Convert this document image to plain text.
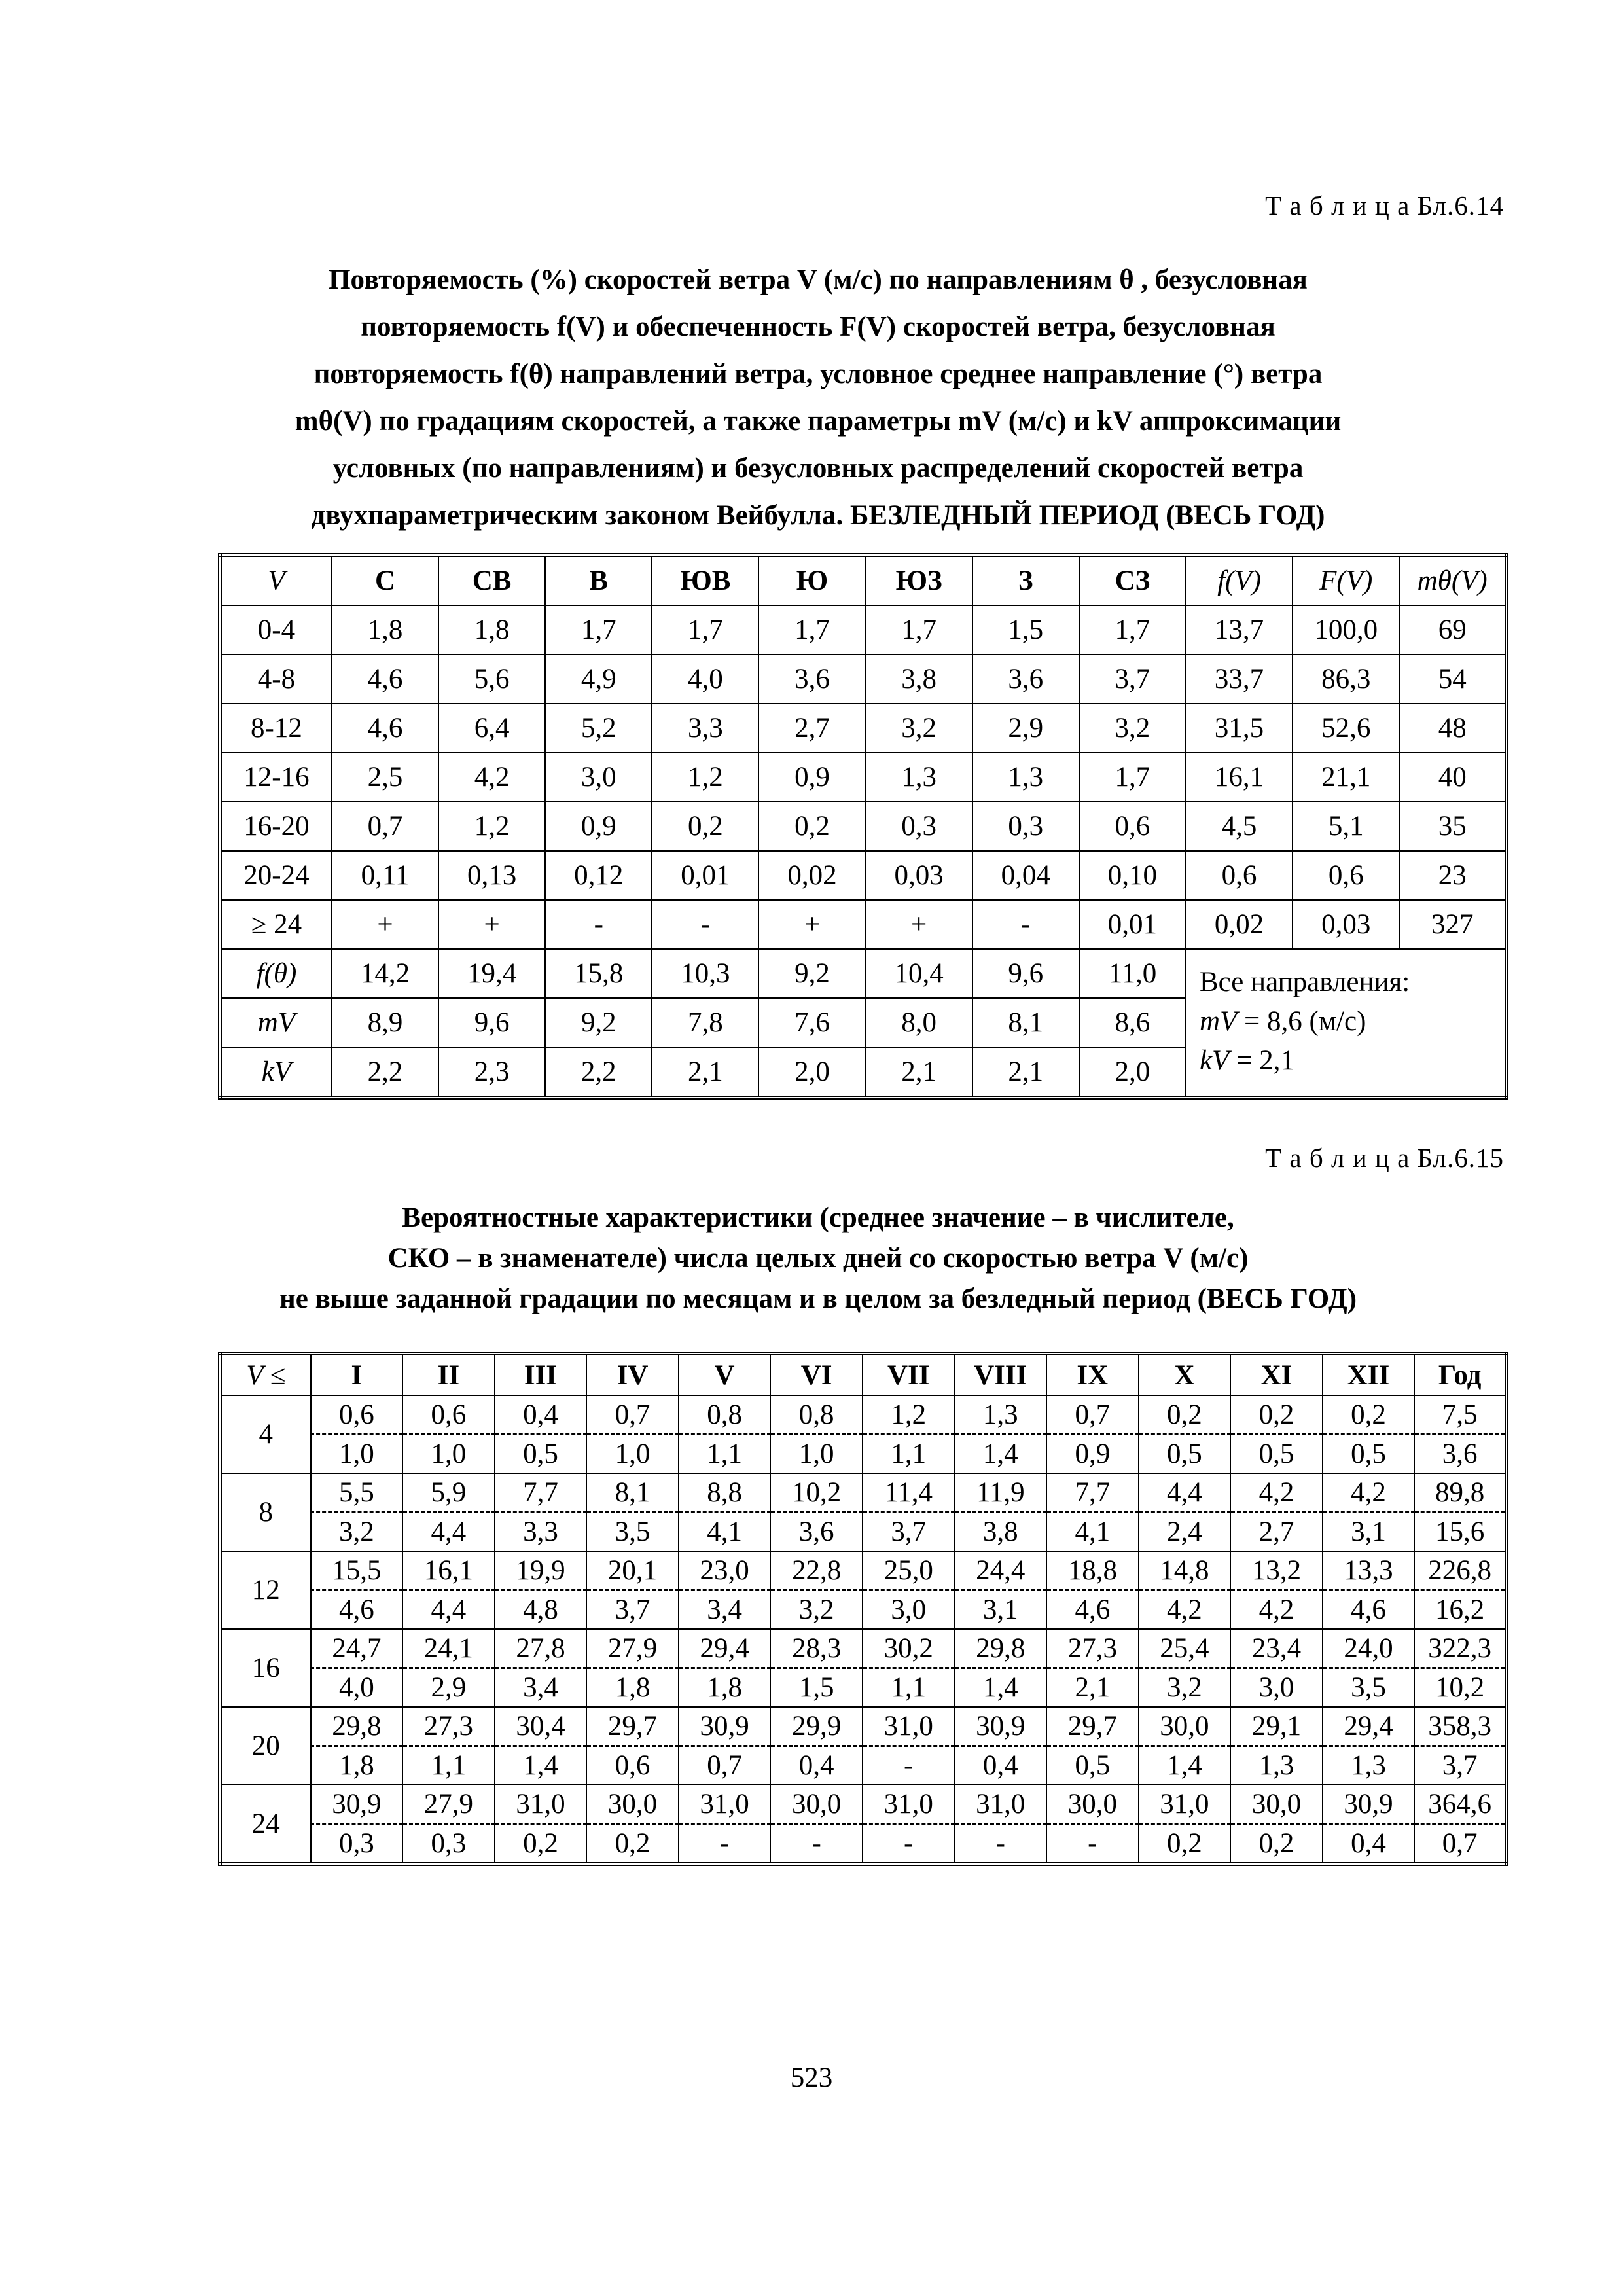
Т а б л и ц а Бл.6.14
Повторяемость (%) скоростей ветра V (м/с) по направлениям θ , безусловная
повторяемость f(V) и обеспеченность F(V) скоростей ветра, безусловная
повторяемость f(θ) направлений ветра, условное среднее направление (°) ветра
mθ(V) по градациям скоростей, а также параметры mV (м/с) и kV аппроксимации
условных (по направлениям) и безусловных распределений скоростей ветра
двухпараметрическим законом Вейбулла. БЕЗЛЕДНЫЙ ПЕРИОД (ВЕСЬ ГОД)
V	С	СВ	В	ЮВ	Ю	ЮЗ	З	СЗ	f(V)	F(V)	mθ(V)
0-4	1,8	1,8	1,7	1,7	1,7	1,7	1,5	1,7	13,7	100,0	69
4-8	4,6	5,6	4,9	4,0	3,6	3,8	3,6	3,7	33,7	86,3	54
8-12	4,6	6,4	5,2	3,3	2,7	3,2	2,9	3,2	31,5	52,6	48
12-16	2,5	4,2	3,0	1,2	0,9	1,3	1,3	1,7	16,1	21,1	40
16-20	0,7	1,2	0,9	0,2	0,2	0,3	0,3	0,6	4,5	5,1	35
20-24	0,11	0,13	0,12	0,01	0,02	0,03	0,04	0,10	0,6	0,6	23
≥ 24	+	+	-	-	+	+	-	0,01	0,02	0,03	327
f(θ)	14,2	19,4	15,8	10,3	9,2	10,4	9,6	11,0	Все направления:
mV = 8,6 (м/с)
kV = 2,1		

mV	8,9	9,6	9,2	7,8	7,6	8,0	8,1	8,6			
kV	2,2	2,3	2,2	2,1	2,0	2,1	2,1	2,0			
Т а б л и ц а Бл.6.15
Вероятностные характеристики (среднее значение – в числителе,
СКО – в знаменателе) числа целых дней со скоростью ветра V (м/с)
не выше заданной градации по месяцам и в целом за безледный период (ВЕСЬ ГОД)
V ≤	I	II	III	IV	V	VI	VII	VIII	IX	X	XI	XII	Год
4	0,6	0,6	0,4	0,7	0,8	0,8	1,2	1,3	0,7	0,2	0,2	0,2	7,5
	1,0	1,0	0,5	1,0	1,1	1,0	1,1	1,4	0,9	0,5	0,5	0,5	3,6
8	5,5	5,9	7,7	8,1	8,8	10,2	11,4	11,9	7,7	4,4	4,2	4,2	89,8
	3,2	4,4	3,3	3,5	4,1	3,6	3,7	3,8	4,1	2,4	2,7	3,1	15,6
12	15,5	16,1	19,9	20,1	23,0	22,8	25,0	24,4	18,8	14,8	13,2	13,3	226,8
	4,6	4,4	4,8	3,7	3,4	3,2	3,0	3,1	4,6	4,2	4,2	4,6	16,2
16	24,7	24,1	27,8	27,9	29,4	28,3	30,2	29,8	27,3	25,4	23,4	24,0	322,3
	4,0	2,9	3,4	1,8	1,8	1,5	1,1	1,4	2,1	3,2	3,0	3,5	10,2
20	29,8	27,3	30,4	29,7	30,9	29,9	31,0	30,9	29,7	30,0	29,1	29,4	358,3
	1,8	1,1	1,4	0,6	0,7	0,4	-	0,4	0,5	1,4	1,3	1,3	3,7
24	30,9	27,9	31,0	30,0	31,0	30,0	31,0	31,0	30,0	31,0	30,0	30,9	364,6
	0,3	0,3	0,2	0,2	-	-	-	-	-	0,2	0,2	0,4	0,7
523
